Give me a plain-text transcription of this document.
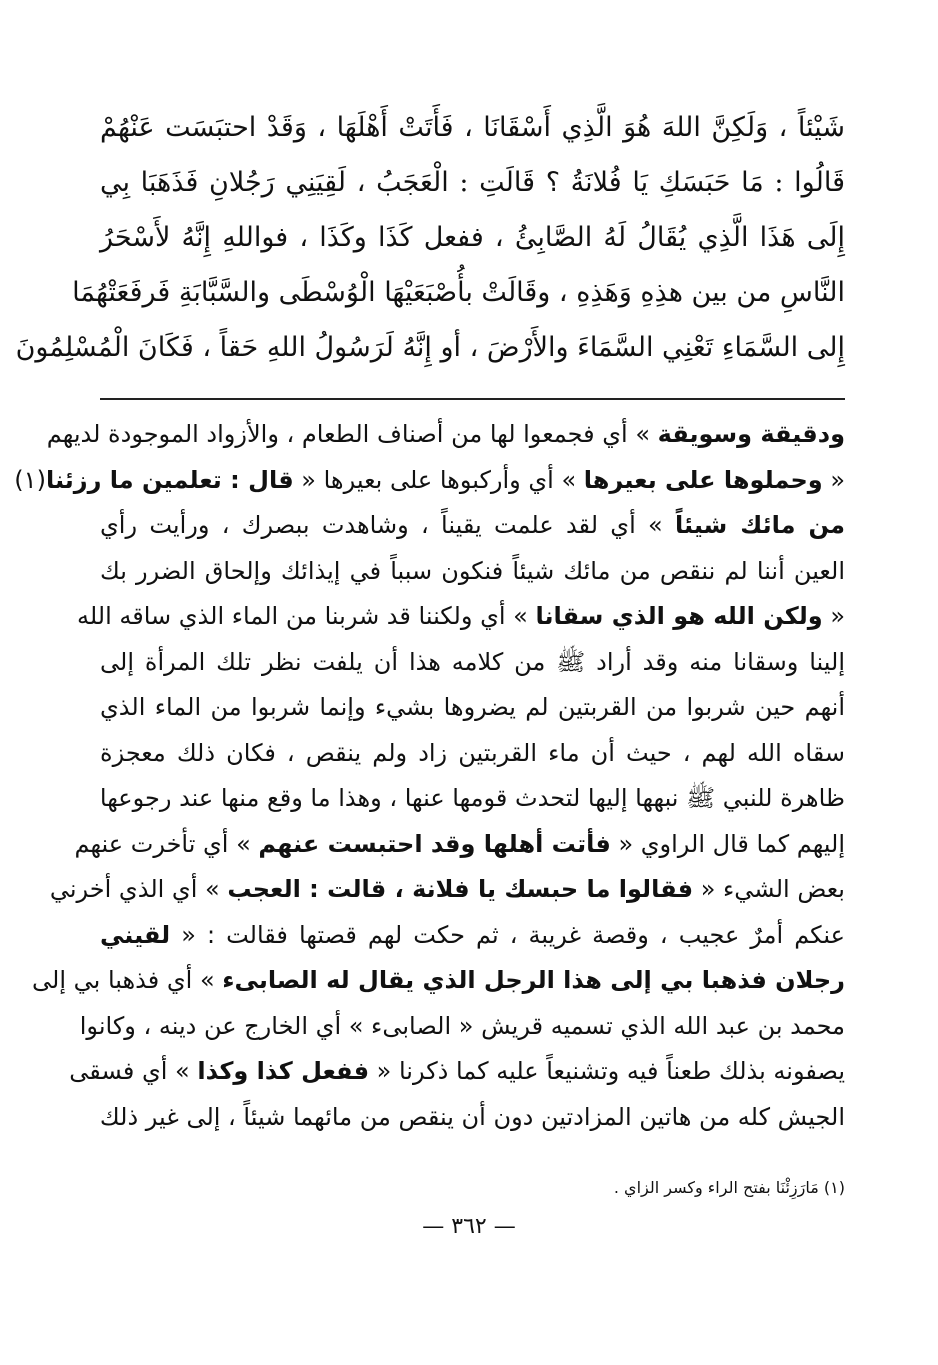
شَيْئاً ، وَلَكِنَّ اللهَ هُوَ الَّذِي أَسْقَانَا ، فَأَتَتْ أَهْلَهَا ، وَقَدْ احتبَسَت عَنْهُمْ
قَالُوا : مَا حَبَسَكِ يَا فُلانَةُ ؟ قَالَتِ : الْعَجَبُ ، لَقِيَنِي رَجُلانِ فَذَهَبَا بِي
إِلَى هَذَا الَّذِي يُقَالُ لَهُ الصَّابِئُ ، ففعل كَذَا وكَذَا ، فواللهِ إِنَّهُ لأَسْحَرُ
النَّاسِ من بين هذِهِ وَهَذِهِ ، وقَالَتْ بأُصْبَعَيْهَا الْوُسْطَى والسَّبَّابَةِ فَرفَعَتْهُمَا
إِلى السَّمَاءِ تَعْنِي السَّمَاءَ والأَرْضَ ، أو إِنَّهُ لَرَسُولُ اللهِ حَقاً ، فَكَانَ الْمُسْلِمُونَ
ودقيقة وسويقة » أي فجمعوا لها من أصناف الطعام ، والأزواد الموجودة لديهم
« وحملوها على بعيرها » أي وأركبوها على بعيرها « قال : تعلمين ما رزئنا(١)
من مائك شيئاً » أي لقد علمت يقيناً ، وشاهدت ببصرك ، ورأيت رأي
العين أننا لم ننقص من مائك شيئاً فنكون سبباً في إيذائك وإلحاق الضرر بك
« ولكن الله هو الذي سقانا » أي ولكننا قد شربنا من الماء الذي ساقه الله
إلينا وسقانا منه وقد أراد ﷺ من كلامه هذا أن يلفت نظر تلك المرأة إلى
أنهم حين شربوا من القربتين لم يضروها بشيء وإنما شربوا من الماء الذي
سقاه الله لهم ، حيث أن ماء القربتين زاد ولم ينقص ، فكان ذلك معجزة
ظاهرة للنبي ﷺ نبهها إليها لتحدث قومها عنها ، وهذا ما وقع منها عند رجوعها
إليهم كما قال الراوي « فأتت أهلها وقد احتبست عنهم » أي تأخرت عنهم
بعض الشيء « فقالوا ما حبسك يا فلانة ، قالت : العجب » أي الذي أخرني
عنكم أمرٌ عجيب ، وقصة غريبة ، ثم حكت لهم قصتها فقالت : « لقيني
رجلان فذهبا بي إلى هذا الرجل الذي يقال له الصابىء » أي فذهبا بي إلى
محمد بن عبد الله الذي تسميه قريش « الصابىء » أي الخارج عن دينه ، وكانوا
يصفونه بذلك طعناً فيه وتشنيعاً عليه كما ذكرنا « ففعل كذا وكذا » أي فسقى
الجيش كله من هاتين المزادتين دون أن ينقص من مائهما شيئاً ، إلى غير ذلك
(١) مَارَزِئْنَا بفتح الراء وكسر الزاي .
— ٣٦٢ —
